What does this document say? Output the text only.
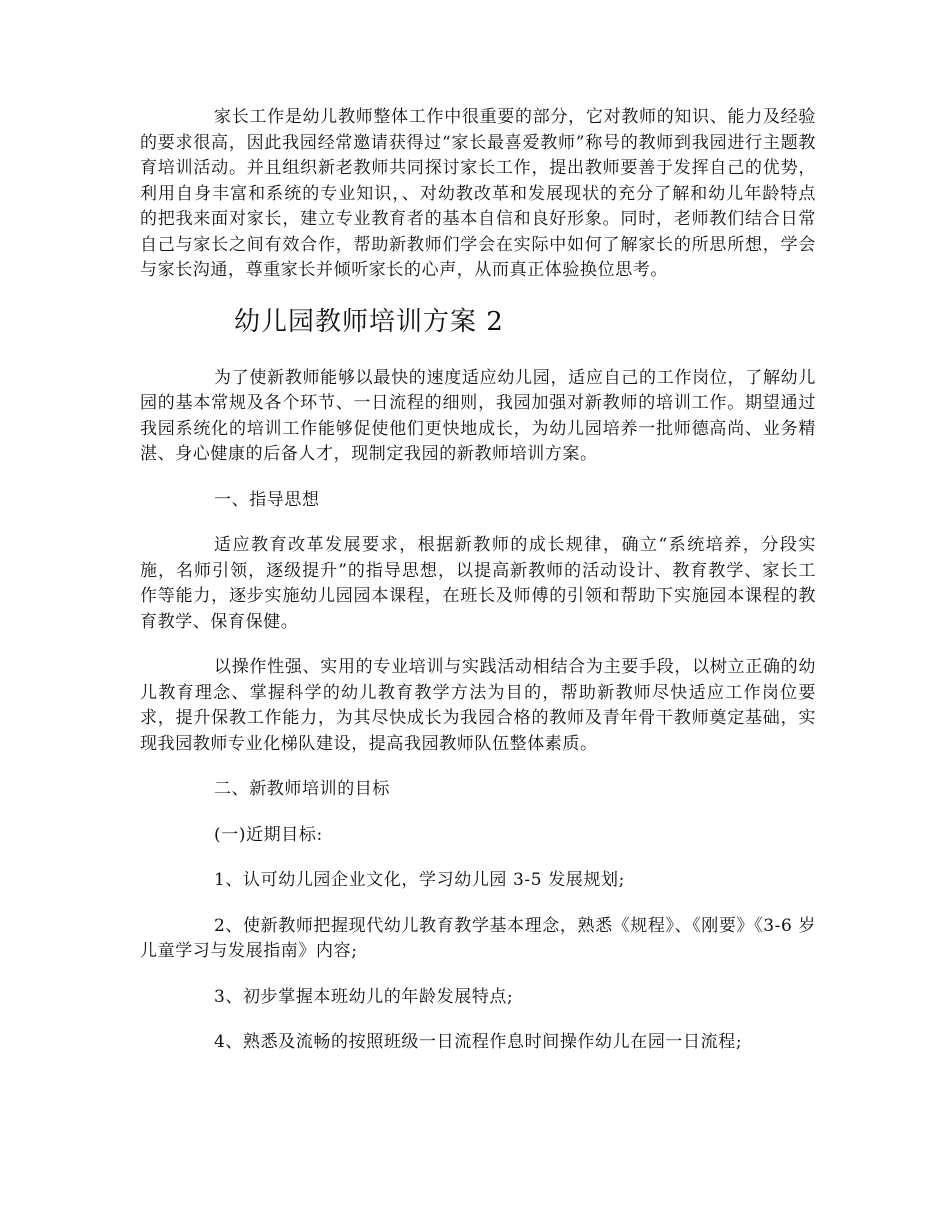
家长工作是幼儿教师整体工作中很重要的部分，它对教师的知识、能力及经验的要求很高，因此我园经常邀请获得过“家长最喜爱教师”称号的教师到我园进行主题教育培训活动。并且组织新老教师共同探讨家长工作，提出教师要善于发挥自己的优势，利用自身丰富和系统的专业知识，、对幼教改革和发展现状的充分了解和幼儿年龄特点的把我来面对家长，建立专业教育者的基本自信和良好形象。同时，老师教们结合日常自己与家长之间有效合作，帮助新教师们学会在实际中如何了解家长的所思所想，学会与家长沟通，尊重家长并倾听家长的心声，从而真正体验换位思考。

幼儿园教师培训方案 2

为了使新教师能够以最快的速度适应幼儿园，适应自己的工作岗位，了解幼儿园的基本常规及各个环节、一日流程的细则，我园加强对新教师的培训工作。期望通过我园系统化的培训工作能够促使他们更快地成长，为幼儿园培养一批师德高尚、业务精湛、身心健康的后备人才，现制定我园的新教师培训方案。

一、指导思想

适应教育改革发展要求，根据新教师的成长规律，确立“系统培养，分段实施，名师引领，逐级提升”的指导思想，以提高新教师的活动设计、教育教学、家长工作等能力，逐步实施幼儿园园本课程，在班长及师傅的引领和帮助下实施园本课程的教育教学、保育保健。

以操作性强、实用的专业培训与实践活动相结合为主要手段，以树立正确的幼儿教育理念、掌握科学的幼儿教育教学方法为目的，帮助新教师尽快适应工作岗位要求，提升保教工作能力，为其尽快成长为我园合格的教师及青年骨干教师奠定基础，实现我园教师专业化梯队建设，提高我园教师队伍整体素质。

二、新教师培训的目标

(一)近期目标:

1、认可幼儿园企业文化，学习幼儿园 3-5 发展规划;

2、使新教师把握现代幼儿教育教学基本理念，熟悉《规程》、《刚要》《3-6 岁儿童学习与发展指南》内容;

3、初步掌握本班幼儿的年龄发展特点;

4、熟悉及流畅的按照班级一日流程作息时间操作幼儿在园一日流程;
